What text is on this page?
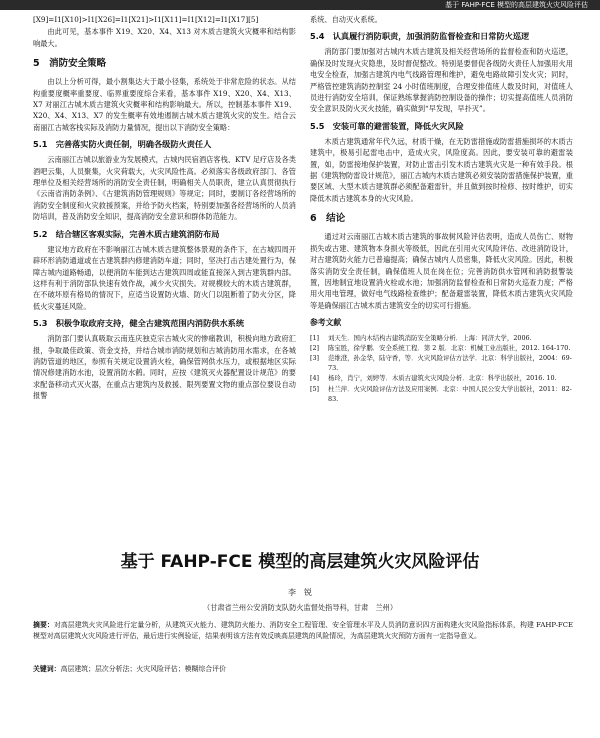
基于 FAHP-FCE 模型的高层建筑火灾风险评估

[X9]=I1[X10]>I1[X26]=I1[X21]>I1[X11]=I1[X12]=I1[X17][5]

由此可见，基本事件 X19、X20、X4、X13 对木质古建筑火灾概率和结构影响最大。

5　消防安全策略

由以上分析可得，最小割集达大于最小径集，系统处于非常危险的状态。从结构重要度概率重要度、临界重要度综合来看，基本事件 X19、X20、X4、X13、X7 对丽江古城木质古建筑火灾概率和结构影响最大。所以，控制基本事件 X19、X20、X4、X13、X7 的发生概率有效地遏制古城木质古建筑火灾的发生。结合云南丽江古城客栈实际及消防力量情况，提出以下消防安全策略：

5.1　完善落实防火责任制，明确各级防火责任人

云南丽江古城以旅游业为发展模式，古城内民宿酒店客栈、KTV 足疗店及各类酒吧云集，人员聚集，火灾荷载大，火灾风险性高。必须落实各级政府部门、各管理单位及相关经营场所的消防安全责任制，明确相关人员职责，建立认真贯彻执行《云南省消防条例》、《古建筑消防管理规则》等规定；同时，要制订各经营场所的消防安全制度和火灾救援预案，并给予防火档案，特别要加强各经营场所的人员消防培训，普及消防安全知识，提高消防安全意识和群体防范能力。

5.2　结合辖区客观实际，完善木质古建筑消防布局

建议地方政府在不影响丽江古城木质古建筑整体景观的条件下，在古城四周开辟环形消防通道或在古建筑群内修建消防车道；同时，坚决打击古建处置行为，保障古城内道路畅通，以便消防车能到达古建筑四周或能直接深入到古建筑群内部。这样有利于消防部队快速有效作战，减少火灾损失。对规模较大的木质古建筑群，在不破坏原有格局的情况下，应适当设置防火墙、防火门以阻断着了防火分区，降低火灾蔓延风险。

5.3　积极争取政府支持，健全古建筑范围内消防供水系统

消防部门要认真吸取云南连庆独克宗古城火灾的惨痛教训，积极向地方政府汇报，争取最佳政策、资金支持，并结合城市消防规划和古城消防用水需求，在各城消防管道的地区，参照有关规定设置消火栓，确保管网供水压力，或根据地区实际情况修建消防水池，设置消防水鹤。同时，应按《建筑灭火器配置设计规范》的要求配备移动式灭火器，在重点古建筑内及救援、限列要置文物的重点部位要设自动报警

系统、自动灭火系统。

5.4　认真履行消防职责，加强消防监督检查和日常防火巡逻

消防部门要加强对古城内木质古建筑及相关经营场所的监督检查和防火巡逻，确保及时发现火灾隐患，及时督促整改。特别是要督促各级防火责任人加强用火用电安全检查，加强古建筑内电气线路管理和维护，避免电路故障引发火灾；同时，严格管控建筑消防控制室 24 小时值班制度，合理安排值班人数及时间，对值班人员进行消防安全培训，保证熟练掌握消防控制设备的操作；切实提高值班人员消防安全意识及防火灭火技能，确实做到“早发现，早扑灭”。

5.5　安装可靠的避雷装置，降低火灾风险

木质古建筑通常年代久远，材质干燥，在无防雷措施或防雷措施损坏的木质古建筑中，极易引起雷电击中，造成火灾，风险度高。因此，要安装可靠的避雷装置，如，防雷接地保护装置，对防止雷击引发木质古建筑火灾是一种有效手段。根据《建筑物防雷设计规范》，丽江古城内木质古建筑必须安装防雷措施保护装置，重要区域、大型木质古建筑群必须配备避雷针，并且做到按时检修、按时维护，切实降低木质古建筑本身的火灾风险。

6　结论

通过对云南丽江古城木质古建筑的事故树风险评估表明，造成人员伤亡、财物损失或古建、建筑物本身损火等级低，因此在引用火灾风险评估、改进消防设计，对古建筑防火能力已普遍提高；确保古城内人员密集，降低火灾风险。因此，积极落实消防安全责任制，确保值班人员在岗在位；完善消防供水管网和消防报警装置，因地制宜地设置消火栓或水池；加强消防监督检查和日常防火巡查力度；严格用火用电管理，做好电气线路检查维护；配备避雷装置，降低木质古建筑火灾风险等是确保丽江古城木质古建筑安全的切实可行措施。

参考文献
[1]	刘天生．国内木结构古建筑消防安全策略分析．上海：同济大学，2006.
[2]	陈宝胜，徐学鹏．安全系统工程．第 2 版．北京：机械工业出版社，2012. 164-170.
[3]	范维澄，孙金华，陆守香，等．火灾风险评估方法学．北京：科学出版社，2004：69-73.
[4]	杨玲，肖宁，刘婷等．木质古建筑火灾风险分析．北京：科学出版社，2016. 10.
[5]	杜兰萍．火灾风险评估方法及应用案例．北京：中国人民公安大学出版社，2011：82-83.
基于 FAHP-FCE 模型的高层建筑火灾风险评估
李　锐
（甘肃省兰州公安消防支队防火监督处指导科，甘肃　兰州）
摘要：对高层建筑火灾风险进行定量分析，从建筑灭火能力、建筑防火能力、消防安全工程管理、安全管理水平及人员消防意识四方面构建火灾风险指标体系，构建 FAHP-FCE 模型对高层建筑火灾风险进行评估，最后进行实例验证，结果表明该方法有效反映高层建筑的风险情况，为高层建筑火灾预防方面有一定指导意义。
关键词：高层建筑；层次分析法；火灾风险评估；模糊综合评价
